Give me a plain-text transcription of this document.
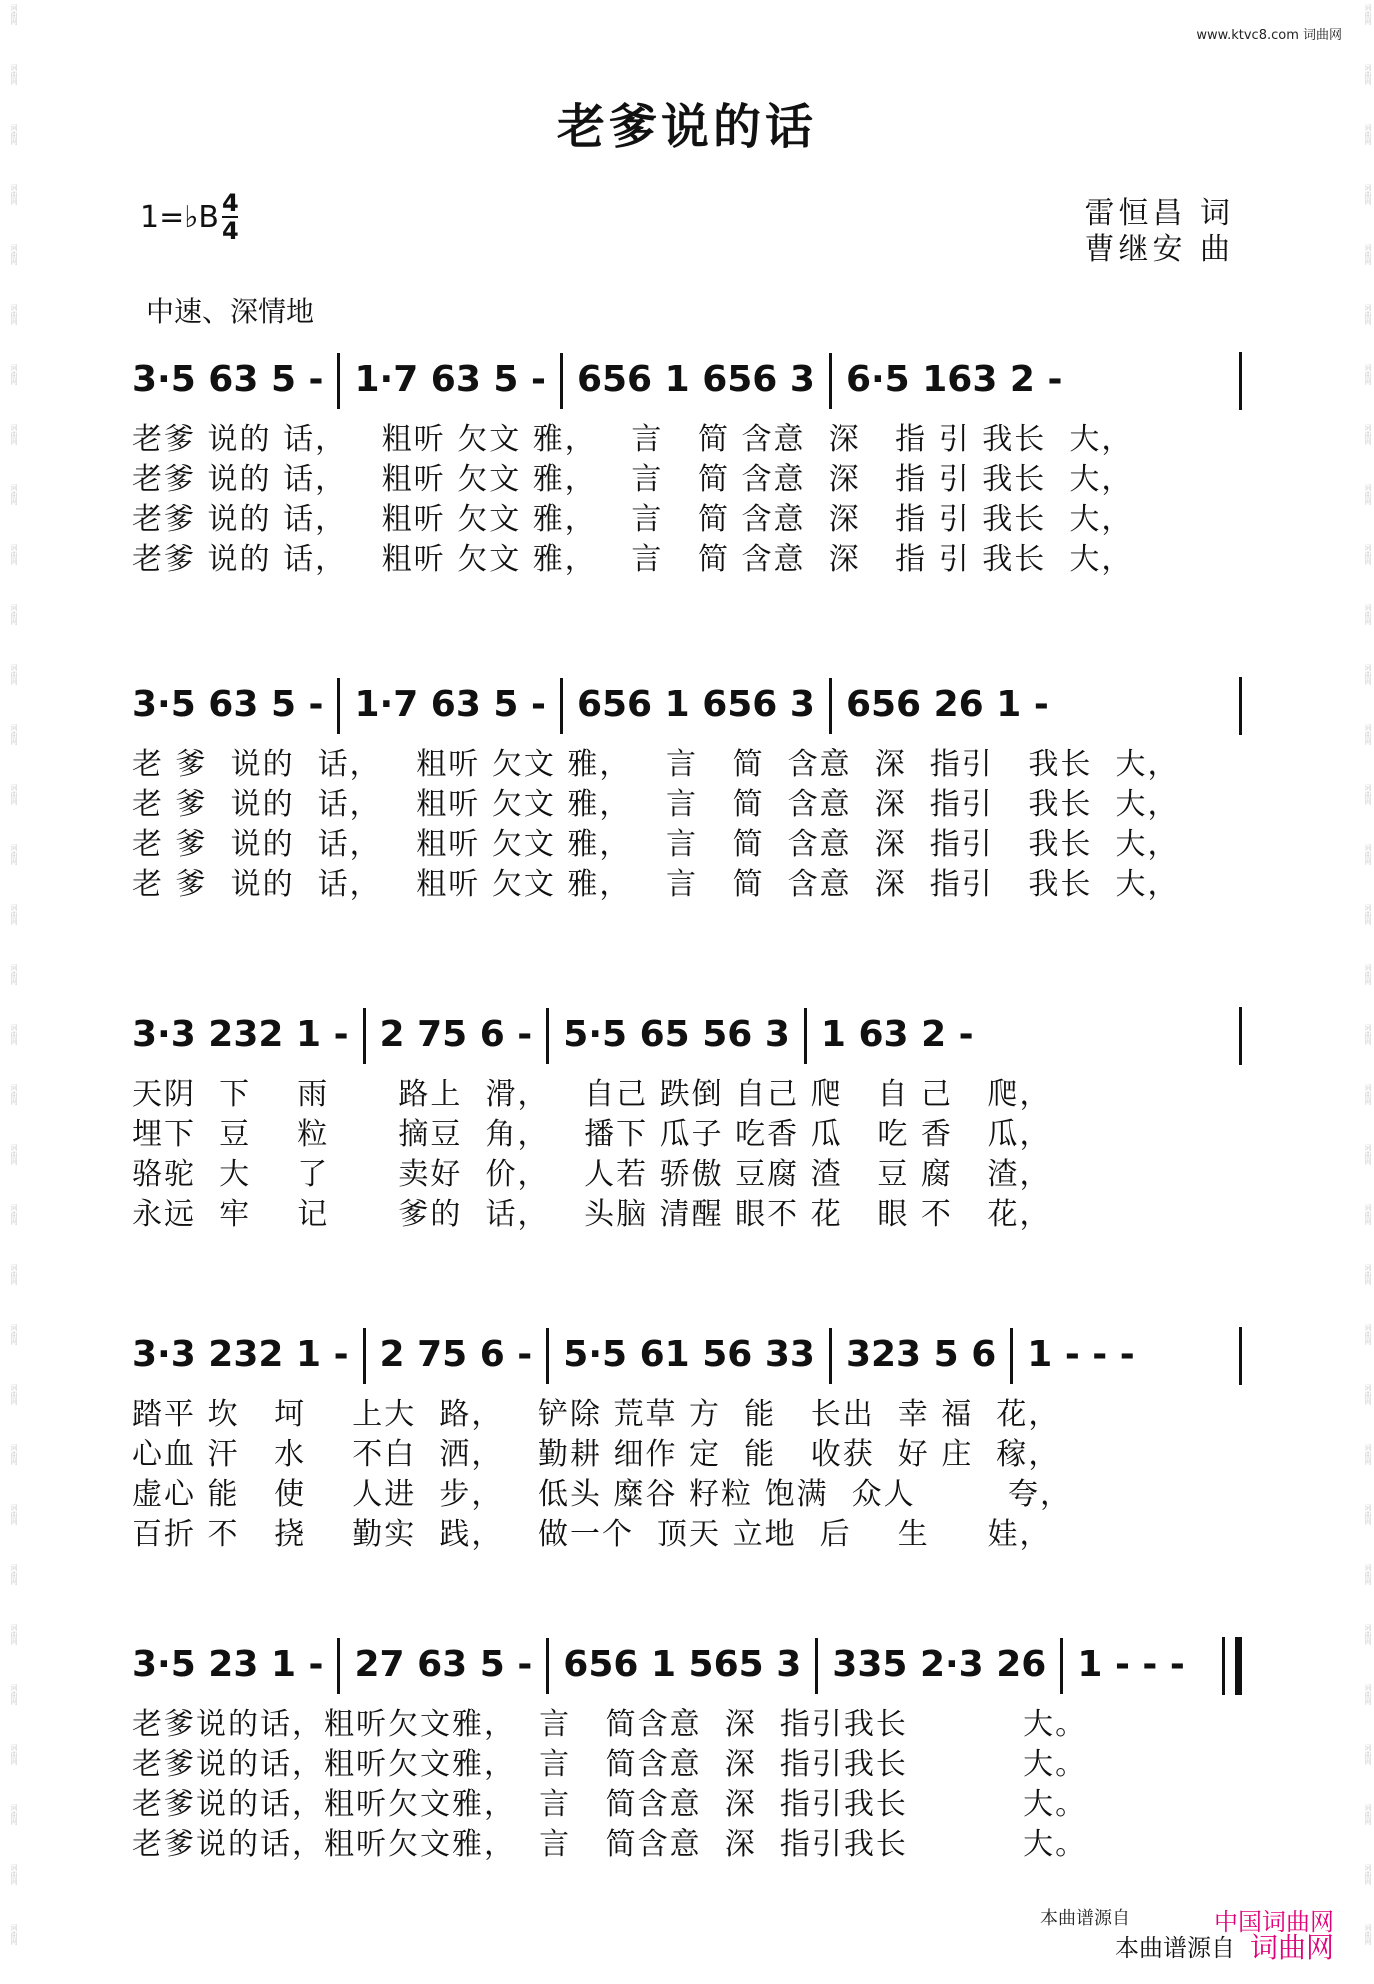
词曲网
词曲网
词曲网
词曲网
词曲网
词曲网
词曲网
词曲网
词曲网
词曲网
词曲网
词曲网
词曲网
词曲网
词曲网
词曲网
词曲网
词曲网
词曲网
词曲网
词曲网
词曲网
词曲网
词曲网
词曲网
词曲网
词曲网
词曲网
词曲网
词曲网
词曲网
词曲网
词曲网
词曲网
词曲网
词曲网
词曲网
词曲网
词曲网
词曲网
词曲网
词曲网
词曲网
词曲网
词曲网
词曲网
词曲网
词曲网
词曲网
词曲网
词曲网
词曲网
词曲网
词曲网
词曲网
词曲网
词曲网
词曲网
词曲网
词曲网
词曲网
词曲网
词曲网
词曲网
词曲网
词曲网
www.ktvc8.com 词曲网
老爹说的话
1=♭B 4
4	雷恒昌 词
曹继安 曲
中速、深情地
3·5 63 5 - 1·7 63 5 - 656 1 656 3 6·5 163 2 -
老爹 说的 话，   粗听 欠文 雅，   言   简 含意  深   指 引 我长  大，
老爹 说的 话，   粗听 欠文 雅，   言   简 含意  深   指 引 我长  大，
老爹 说的 话，   粗听 欠文 雅，   言   简 含意  深   指 引 我长  大，
老爹 说的 话，   粗听 欠文 雅，   言   简 含意  深   指 引 我长  大，
3·5 63 5 - 1·7 63 5 - 656 1 656 3 656 26 1 -
老 爹  说的  话，   粗听 欠文 雅，   言   简  含意  深  指引   我长  大，
老 爹  说的  话，   粗听 欠文 雅，   言   简  含意  深  指引   我长  大，
老 爹  说的  话，   粗听 欠文 雅，   言   简  含意  深  指引   我长  大，
老 爹  说的  话，   粗听 欠文 雅，   言   简  含意  深  指引   我长  大，
3·3 232 1 - 2 75 6 - 5·5 65 56 3 1 63 2 -
天阴  下    雨      路上  滑，   自己 跌倒 自己 爬   自 己   爬，
埋下  豆    粒      摘豆  角，   播下 瓜子 吃香 瓜   吃 香   瓜，
骆驼  大    了      卖好  价，   人若 骄傲 豆腐 渣   豆 腐   渣，
永远  牢    记      爹的  话，   头脑 清醒 眼不 花   眼 不   花，
3·3 232 1 - 2 75 6 - 5·5 61 56 33 323 5 6 1 - - -
踏平 坎   坷    上大  路，   铲除 荒草 方  能   长出  幸 福  花，
心血 汗   水    不白  洒，   勤耕 细作 定  能   收获  好 庄  稼，
虚心 能   使    人进  步，   低头 糜谷 籽粒 饱满  众人        夸，
百折 不   挠    勤实  践，   做一个  顶天 立地  后    生     娃，
3·5 23 1 - 27 63 5 - 656 1 565 3 335 2·3 26 1 - - -
老爹说的话，粗听欠文雅，  言   简含意  深  指引我长          大。
老爹说的话，粗听欠文雅，  言   简含意  深  指引我长          大。
老爹说的话，粗听欠文雅，  言   简含意  深  指引我长          大。
老爹说的话，粗听欠文雅，  言   简含意  深  指引我长          大。
本曲谱源自	中国词曲网
本曲谱源自 词曲网
